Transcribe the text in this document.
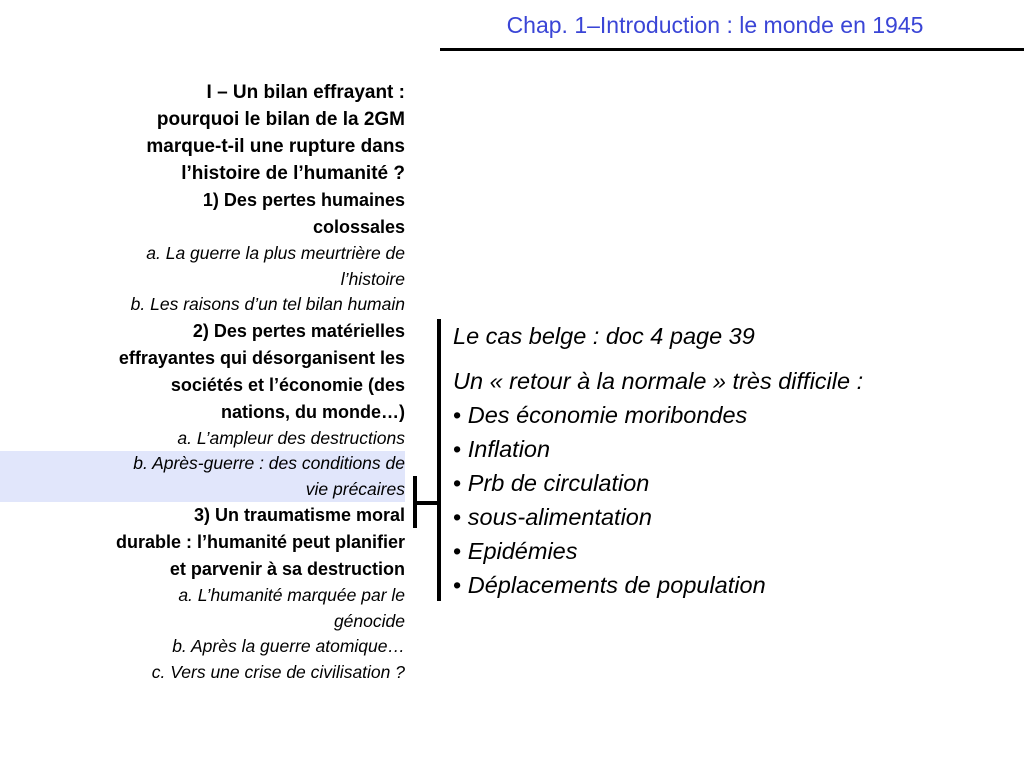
Chap. 1–Introduction : le monde en 1945
I – Un bilan effrayant :
pourquoi le bilan de la 2GM
marque-t-il une rupture dans
l’histoire de l’humanité ?
1) Des pertes humaines
colossales
a. La guerre la plus meurtrière de
l’histoire
b. Les raisons d’un tel bilan humain
2) Des pertes matérielles
effrayantes qui désorganisent les
sociétés et l’économie (des
nations, du monde…)
a. L’ampleur des destructions
b. Après-guerre : des conditions de
vie précaires
3) Un traumatisme moral
durable : l’humanité peut planifier
et parvenir à sa destruction
a. L’humanité marquée par le
génocide
b. Après la guerre atomique…
c. Vers une crise de civilisation ?
Le cas belge : doc 4 page 39
Un « retour à la normale » très difficile :
• Des économie moribondes
• Inflation
• Prb de circulation
• sous-alimentation
• Epidémies
• Déplacements de population
